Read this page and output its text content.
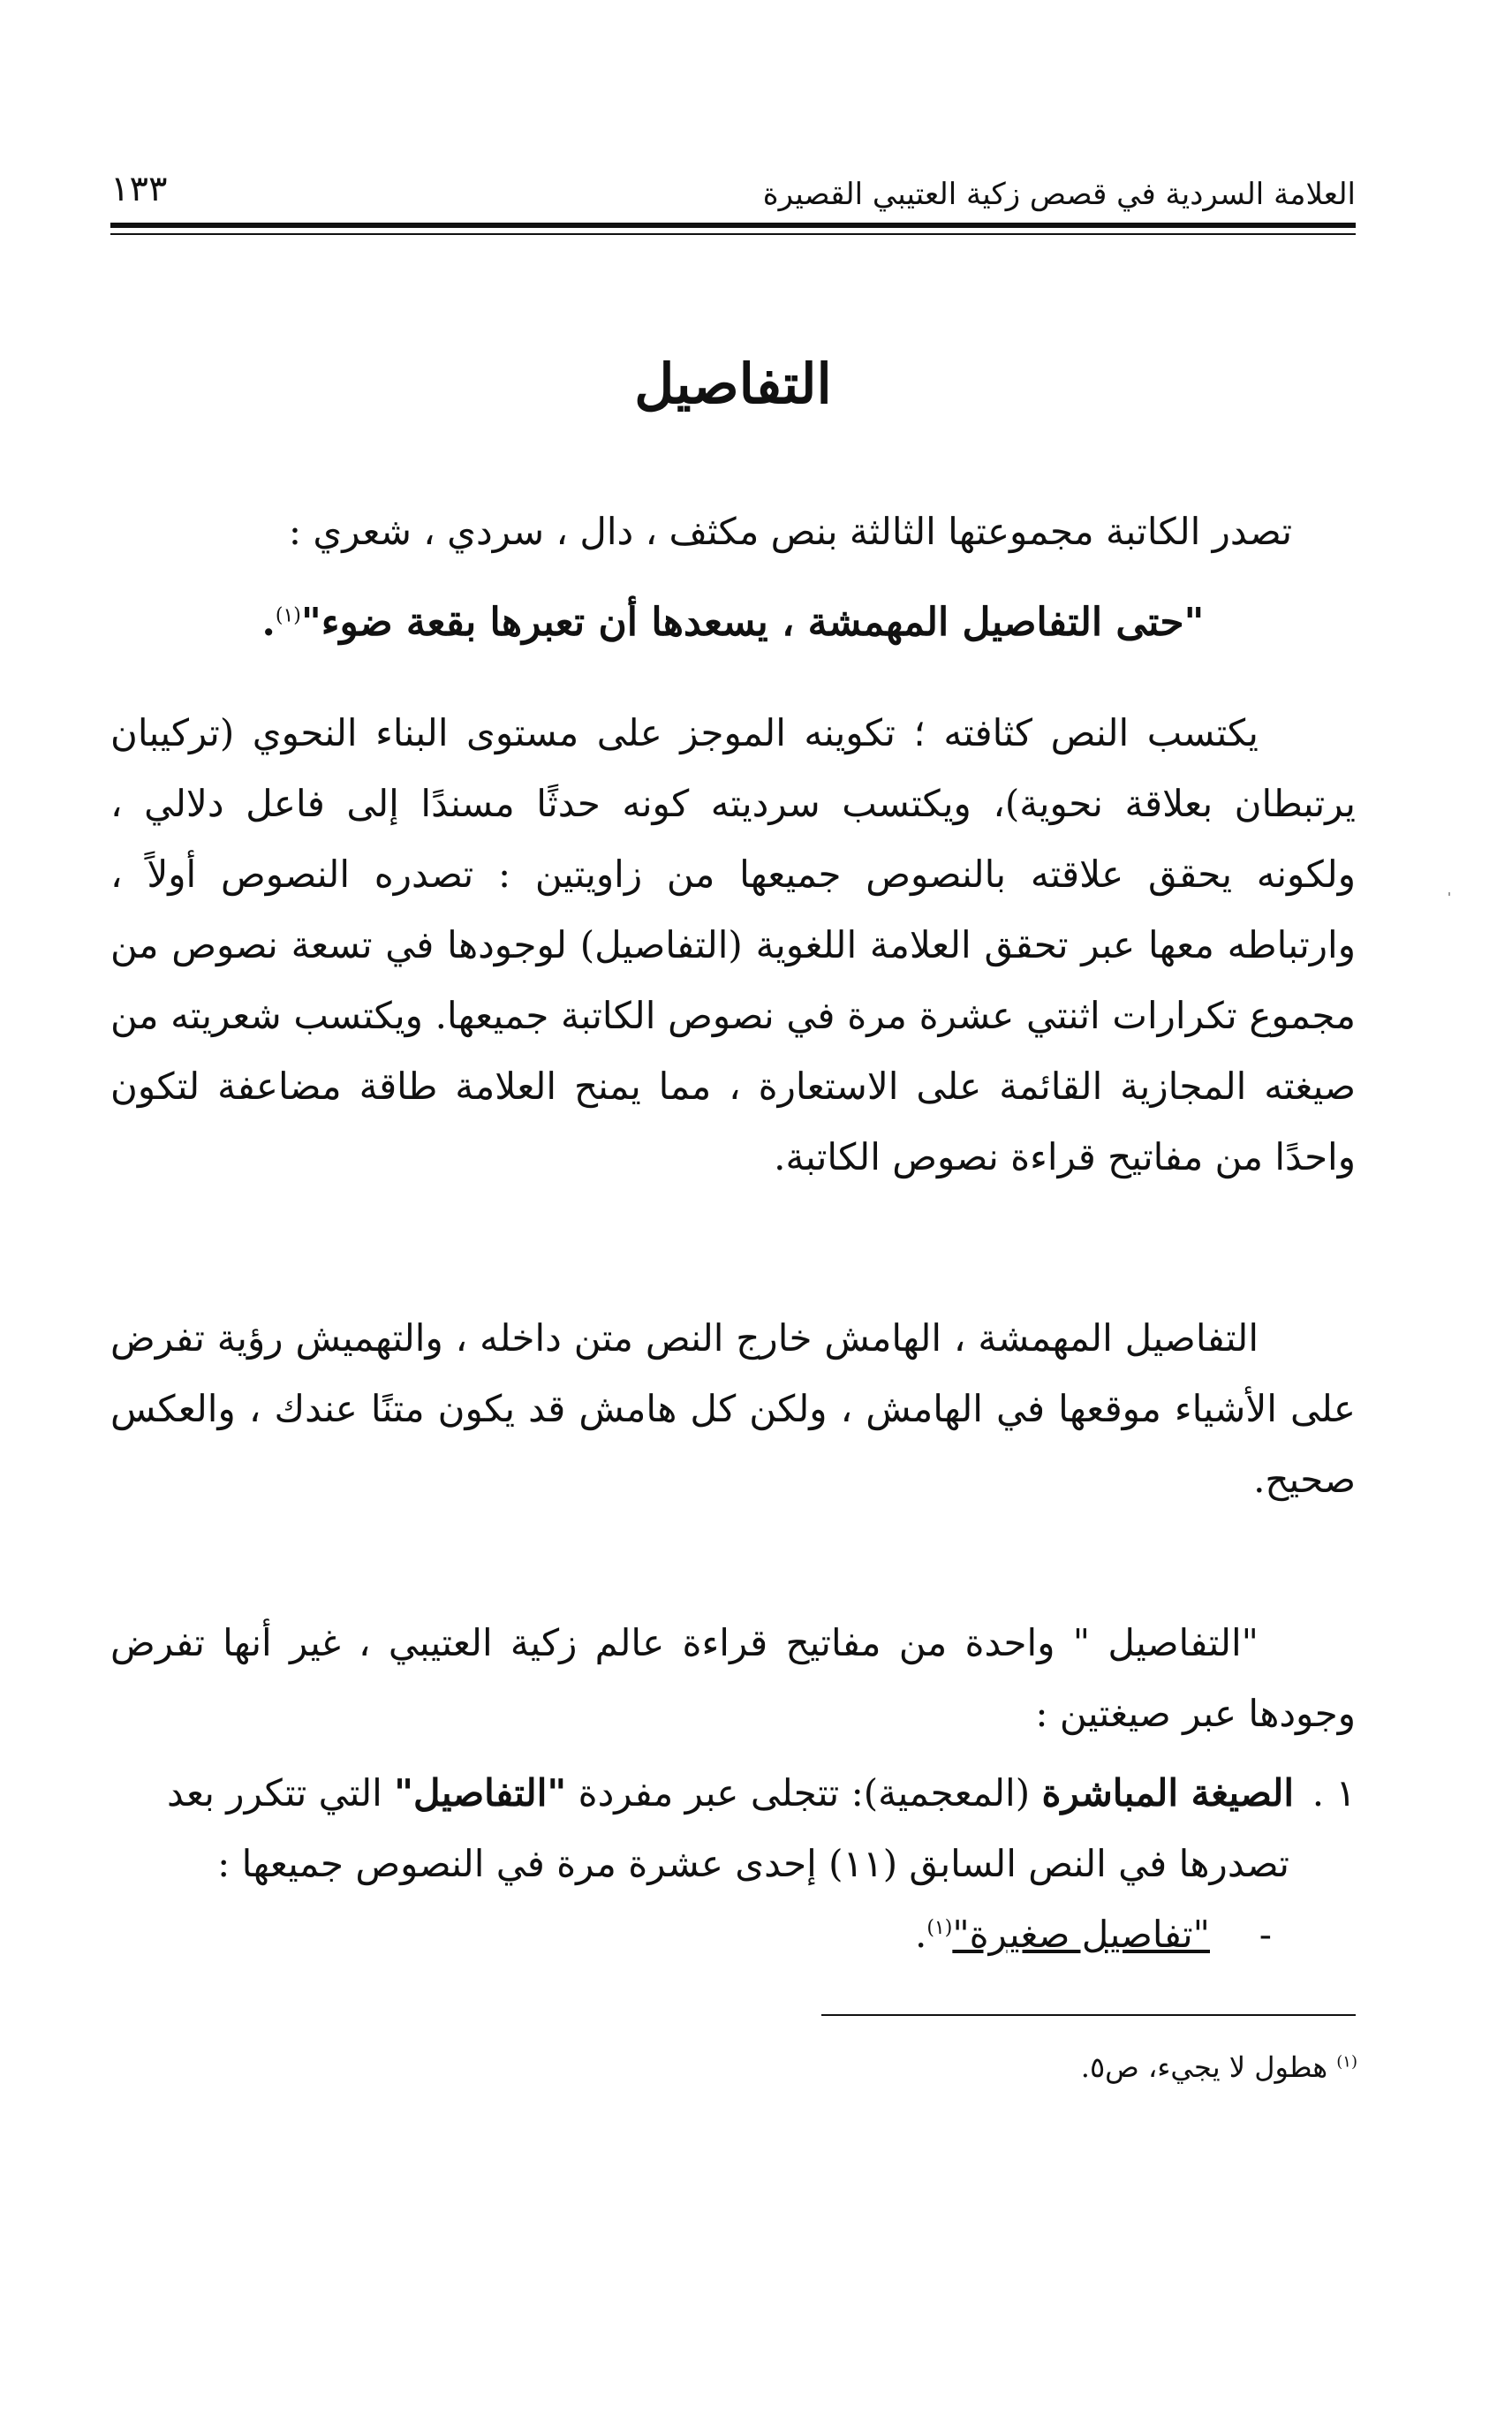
العلامة السردية في قصص زكية العتيبي القصيرة
١٣٣
التفاصيل
تصدر الكاتبة مجموعتها الثالثة بنص مكثف ، دال ، سردي ، شعري :
"حتى التفاصيل المهمشة ، يسعدها أن تعبرها بقعة ضوء"$^{(١)}$.
يكتسب النص كثافته ؛ تكوينه الموجز على مستوى البناء النحوي (تركيبان يرتبطان بعلاقة نحوية)، ويكتسب سرديته كونه حدثًا مسندًا إلى فاعل دلالي ، ولكونه يحقق علاقته بالنصوص جميعها من زاويتين : تصدره النصوص أولاً ، وارتباطه معها عبر تحقق العلامة اللغوية (التفاصيل) لوجودها في تسعة نصوص من مجموع تكرارات اثنتي عشرة مرة في نصوص الكاتبة جميعها. ويكتسب شعريته من صيغته المجازية القائمة على الاستعارة ، مما يمنح العلامة طاقة مضاعفة لتكون واحدًا من مفاتيح قراءة نصوص الكاتبة.
التفاصيل المهمشة ، الهامش خارج النص متن داخله ، والتهميش رؤية تفرض على الأشياء موقعها في الهامش ، ولكن كل هامش قد يكون متنًا عندك ، والعكس صحيح.
"التفاصيل " واحدة من مفاتيح قراءة عالم زكية العتيبي ، غير أنها تفرض وجودها عبر صيغتين :
١ .الصيغة المباشرة (المعجمية): تتجلى عبر مفردة "التفاصيل" التي تتكرر بعد
تصدرها في النص السابق (١١) إحدى عشرة مرة في النصوص جميعها :
-"تفاصيل صغيرة"$^{(١)}$.
$^{(١)}$ هطول لا يجيء، ص٥.
